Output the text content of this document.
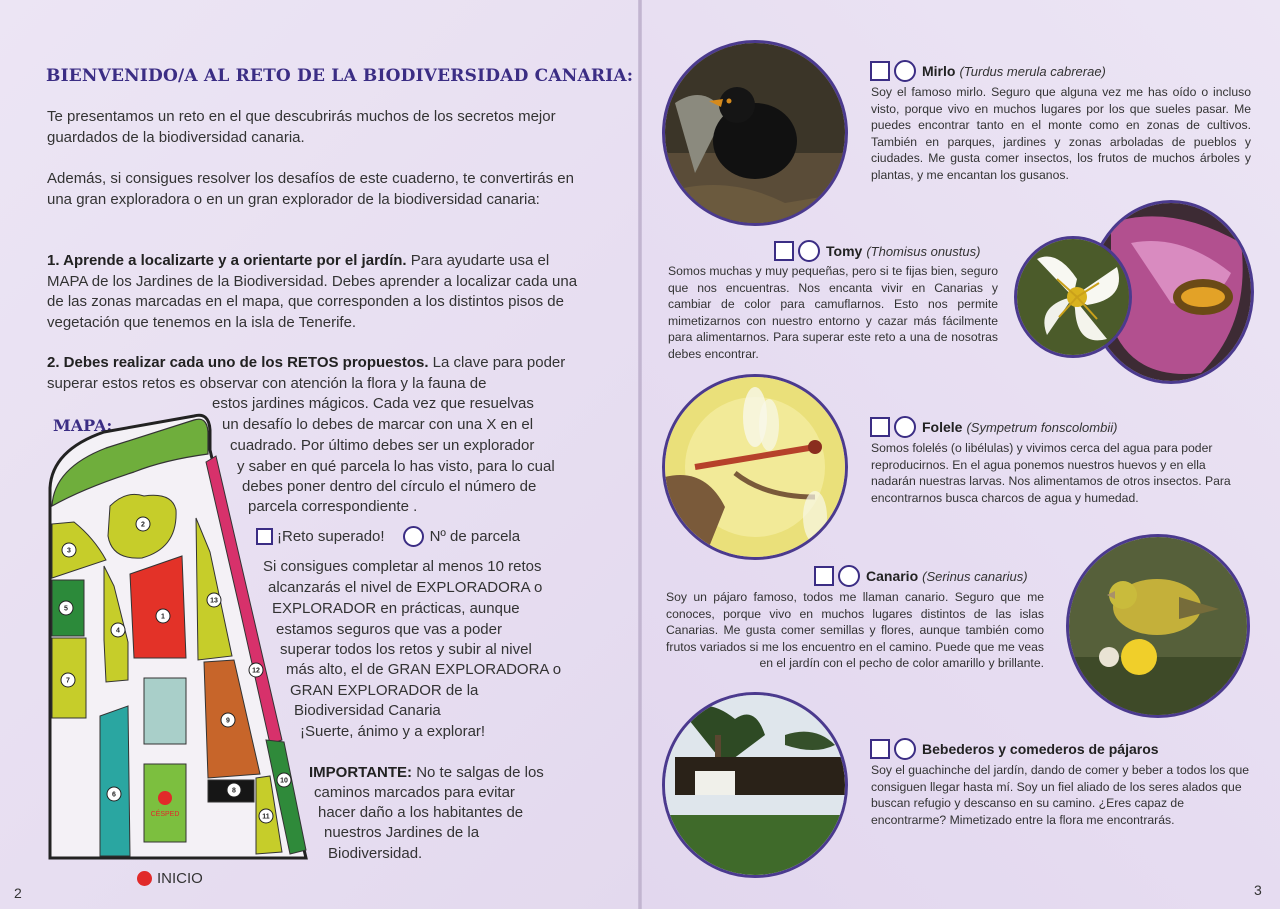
BIENVENIDO/A AL RETO DE LA BIODIVERSIDAD CANARIA:
Te presentamos un reto en el que descubrirás muchos de los secretos mejor guardados de la biodiversidad canaria.
Además, si consigues resolver los desafíos de este cuaderno, te convertirás en una gran exploradora o en un gran explorador de la biodiversidad canaria:
1. Aprende a localizarte y a orientarte por el jardín. Para ayudarte usa el MAPA de los Jardines de la Biodiversidad. Debes aprender a localizar cada una de las zonas marcadas en el mapa, que corresponden a los distintos pisos de vegetación que tenemos en la isla de Tenerife.
2. Debes realizar cada uno de los RETOS propuestos. La clave para poder superar estos retos es observar con atención la flora y la fauna de
estos jardines mágicos. Cada vez que resuelvas
un desafío lo debes de marcar con una X en el
cuadrado. Por último debes ser un explorador
y saber en qué parcela lo has visto, para lo cual
debes poner dentro del círculo el número de
parcela correspondiente .
MAPA:
¡Reto superado!	Nº de parcela
Si consigues completar al menos 10 retos
alcanzarás el nivel de EXPLORADORA o
EXPLORADOR en prácticas, aunque
estamos seguros que vas a poder
superar todos los retos y subir al nivel
más alto, el de GRAN EXPLORADORA o
GRAN EXPLORADOR de la
Biodiversidad Canaria
¡Suerte, ánimo y a explorar!
IMPORTANTE: No te salgas de los
caminos marcados para evitar
hacer daño a los habitantes de
nuestros Jardines de la
Biodiversidad.
1
2
3
4
5
6
7
8
9
10
11
12
13
CÉSPED
INICIO
2
Mirlo (Turdus merula cabrerae)
Soy el famoso mirlo. Seguro que alguna vez me has oído o incluso visto, porque vivo en muchos lugares por los que sueles pasar. Me puedes encontrar tanto en el monte como en zonas de cultivos. También en parques, jardines y zonas arboladas de pueblos y ciudades. Me gusta comer insectos, los frutos de muchos árboles y plantas, y me encantan los gusanos.
Tomy (Thomisus onustus)
Somos muchas y muy pequeñas, pero si te fijas bien, seguro que nos encuentras. Nos encanta vivir en Canarias y cambiar de color para camuflarnos. Esto nos permite mimetizarnos con nuestro entorno y cazar más fácilmente para alimentarnos. Para superar este reto a una de nosotras debes encontrar.
Folele (Sympetrum fonscolombii)
Somos folelés (o libélulas) y vivimos cerca del agua para poder reproducirnos. En el agua ponemos nuestros huevos y en ella nadarán nuestras larvas. Nos alimentamos de otros insectos. Para encontrarnos busca charcos de agua y humedad.
Canario (Serinus canarius)
Soy un pájaro famoso, todos me llaman canario. Seguro que me conoces, porque vivo en muchos lugares distintos de las islas Canarias. Me gusta comer semillas y flores, aunque también como frutos variados si me los encuentro en el camino. Puede que me veas en el jardín con el pecho de color amarillo y brillante.
Bebederos y comederos de pájaros
Soy el guachinche del jardín, dando de comer y beber a todos los que consiguen llegar hasta mí. Soy un fiel aliado de los seres alados que buscan refugio y descanso en su camino. ¿Eres capaz de encontrarme? Mimetizado entre la flora me encontrarás.
3
